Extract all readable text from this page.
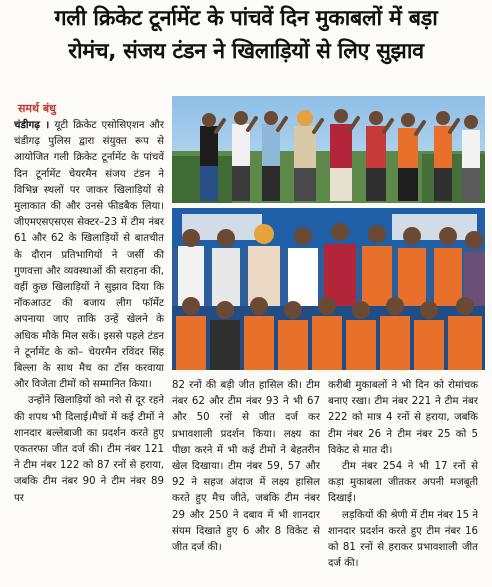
गली क्रिकेट टूर्नामेंट के पांचवें दिन मुकाबलों में बड़ा
रोमंच, संजय टंडन ने खिलाड़ियों से लिए सुझाव
समर्थ बंधु

चंडीगढ़ । यूटी क्रिकेट एसोसिएशन और चंडीगढ़ पुलिस द्वारा संयुक्त रूप से आयोजित गली क्रिकेट टूर्नामेंट के पांचवें दिन टूर्नामेंट चेयरमैन संजय टंडन ने विभिन्न स्थलों पर जाकर खिलाड़ियों से मुलाकात की और उनसे फीडबैक लिया। जीएमएसएसएस सेक्टर–23 में टीम नंबर 61 और 62 के खिलाड़ियों से बातचीत के दौरान प्रतिभागियों ने जर्सी की गुणवत्ता और व्यवस्थाओं की सराहना की, वहीं कुछ खिलाड़ियों ने सुझाव दिया कि नॉकआउट की बजाय लीग फॉर्मेट अपनाया जाए ताकि उन्हें खेलने के अधिक मौके मिल सकें। इससे पहले टंडन ने टूर्नामेंट के को– चेयरमैन रविंदर सिंह बिल्ला के साथ मैच का टॉस करवाया और विजेता टीमों को सम्मानित किया।

उन्होंने खिलाड़ियों को नशे से दूर रहने की शपथ भी दिलाई।मैचों में कई टीमों ने शानदार बल्लेबाजी का प्रदर्शन करते हुए एकतरफा जीत दर्ज की। टीम नंबर 121 ने टीम नंबर 122 को 87 रनों से हराया, जबकि टीम नंबर 90 ने टीम नंबर 89 पर

82 रनों की बड़ी जीत हासिल की। टीम नंबर 62 और टीम नंबर 93 ने भी 67 और 50 रनों से जीत दर्ज कर प्रभावशाली प्रदर्शन किया। लक्ष्य का पीछा करने में भी कई टीमों ने बेहतरीन खेल दिखाया। टीम नंबर 59, 57 और 92 ने सहज अंदाज में लक्ष्य हासिल करते हुए मैच जीते, जबकि टीम नंबर 29 और 250 ने दबाव में भी शानदार संयम दिखाते हुए 6 और 8 विकेट से जीत दर्ज की।

करीबी मुकाबलों ने भी दिन को रोमांचक बनाए रखा। टीम नंबर 221 ने टीम नंबर 222 को मात्र 4 रनों से हराया, जबकि टीम नंबर 26 ने टीम नंबर 25 को 5 विकेट से मात दी।

टीम नंबर 254 ने भी 17 रनों से कड़ा मुकाबला जीतकर अपनी मजबूती दिखाई।

लड़कियों की श्रेणी में टीम नंबर 15 ने शानदार प्रदर्शन करते हुए टीम नंबर 16 को 81 रनों से हराकर प्रभावशाली जीत दर्ज की।
